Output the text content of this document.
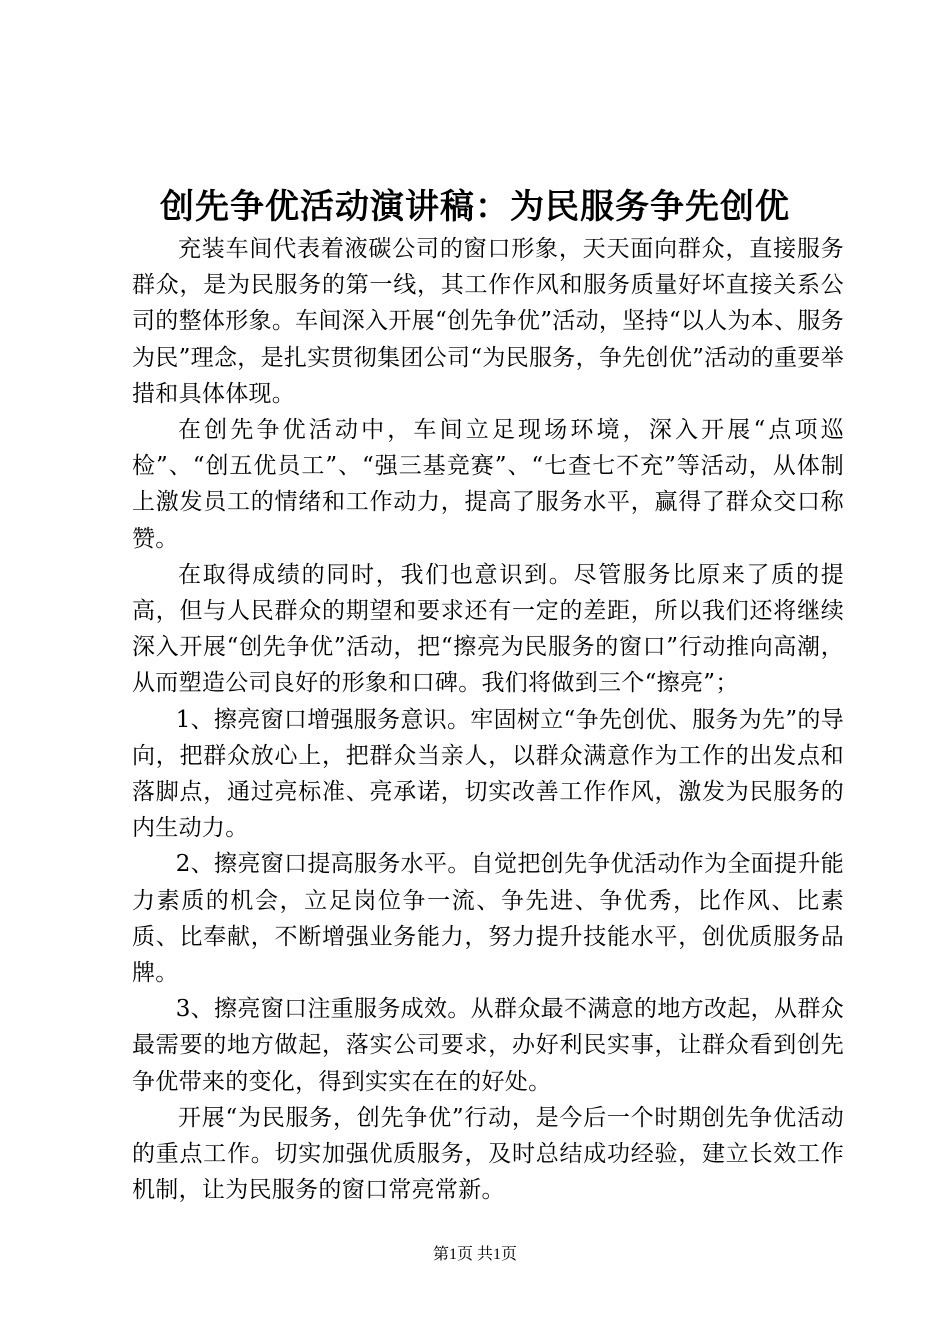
创先争优活动演讲稿：为民服务争先创优

充装车间代表着液碳公司的窗口形象，天天面向群众，直接服务群众，是为民服务的第一线，其工作作风和服务质量好坏直接关系公司的整体形象。车间深入开展“创先争优”活动，坚持“以人为本、服务为民”理念，是扎实贯彻集团公司“为民服务，争先创优”活动的重要举措和具体体现。

在创先争优活动中，车间立足现场环境，深入开展“点项巡检”、“创五优员工”、“强三基竞赛”、“七查七不充”等活动，从体制上激发员工的情绪和工作动力，提高了服务水平，赢得了群众交口称赞。

在取得成绩的同时，我们也意识到。尽管服务比原来了质的提高，但与人民群众的期望和要求还有一定的差距，所以我们还将继续深入开展“创先争优”活动，把“擦亮为民服务的窗口”行动推向高潮，从而塑造公司良好的形象和口碑。我们将做到三个“擦亮”；

1、擦亮窗口增强服务意识。牢固树立“争先创优、服务为先”的导向，把群众放心上，把群众当亲人，以群众满意作为工作的出发点和落脚点，通过亮标准、亮承诺，切实改善工作作风，激发为民服务的内生动力。

2、擦亮窗口提高服务水平。自觉把创先争优活动作为全面提升能力素质的机会，立足岗位争一流、争先进、争优秀，比作风、比素质、比奉献，不断增强业务能力，努力提升技能水平，创优质服务品牌。

3、擦亮窗口注重服务成效。从群众最不满意的地方改起，从群众最需要的地方做起，落实公司要求，办好利民实事，让群众看到创先争优带来的变化，得到实实在在的好处。

开展“为民服务，创先争优”行动，是今后一个时期创先争优活动的重点工作。切实加强优质服务，及时总结成功经验，建立长效工作机制，让为民服务的窗口常亮常新。

第1页 共1页
